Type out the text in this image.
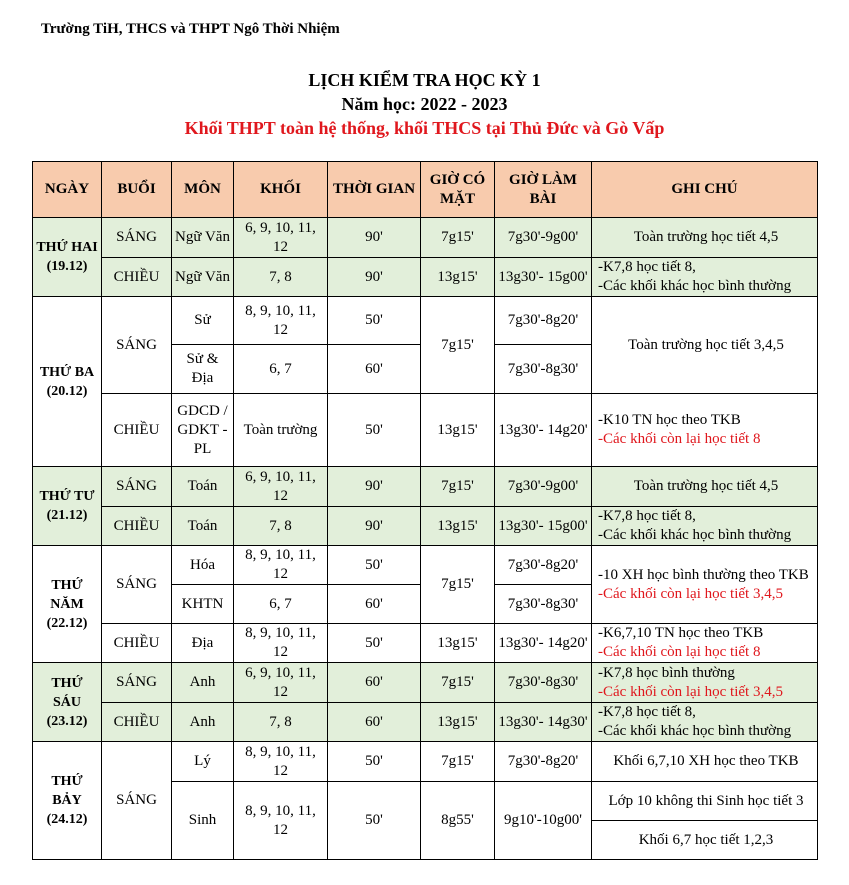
Trường TiH, THCS và THPT Ngô Thời Nhiệm
LỊCH KIỂM TRA HỌC KỲ 1
Năm học: 2022 - 2023
Khối THPT toàn hệ thống, khối THCS tại Thủ Đức và Gò Vấp
NGÀY	BUỔI	MÔN	KHỐI	THỜI GIAN	GIỜ CÓ MẶT	GIỜ LÀM BÀI	GHI CHÚ
THỨ HAI (19.12)	SÁNG	Ngữ Văn	6, 9, 10, 11, 12	90'	7g15'	7g30'-9g00'	Toàn trường học tiết 4,5
	CHIỀU	Ngữ Văn	7, 8	90'	13g15'	13g30'- 15g00'	-K7,8 học tiết 8,
-Các khối khác học bình thường

THỨ BA (20.12)	SÁNG	Sử	8, 9, 10, 11, 12	50'	7g15'	7g30'-8g20'	Toàn trường học tiết 3,4,5
		Sử & Địa	6, 7	60'		7g30'-8g30'	
	CHIỀU	GDCD / GDKT -PL	Toàn trường	50'	13g15'	13g30'- 14g20'	-K10 TN học theo TKB
-Các khối còn lại học tiết 8

THỨ TƯ (21.12)	SÁNG	Toán	6, 9, 10, 11, 12	90'	7g15'	7g30'-9g00'	Toàn trường học tiết 4,5
	CHIỀU	Toán	7, 8	90'	13g15'	13g30'- 15g00'	-K7,8 học tiết 8,
-Các khối khác học bình thường

THỨ NĂM (22.12)	SÁNG	Hóa	8, 9, 10, 11, 12	50'	7g15'	7g30'-8g20'	-10 XH học bình thường theo TKB
-Các khối còn lại học tiết 3,4,5

		KHTN	6, 7	60'		7g30'-8g30'	
	CHIỀU	Địa	8, 9, 10, 11, 12	50'	13g15'	13g30'- 14g20'	-K6,7,10 TN học theo TKB
-Các khối còn lại học tiết 8

THỨ SÁU (23.12)	SÁNG	Anh	6, 9, 10, 11, 12	60'	7g15'	7g30'-8g30'	-K7,8 học bình thường
-Các khối còn lại học tiết 3,4,5

	CHIỀU	Anh	7, 8	60'	13g15'	13g30'- 14g30'	-K7,8 học tiết 8,
-Các khối khác học bình thường

THỨ BẢY (24.12)	SÁNG	Lý	8, 9, 10, 11, 12	50'	7g15'	7g30'-8g20'	Khối 6,7,10 XH học theo TKB
		Sinh	8, 9, 10, 11, 12	50'	8g55'	9g10'-10g00'	Lớp 10 không thi Sinh học tiết 3
							Khối 6,7 học tiết 1,2,3
